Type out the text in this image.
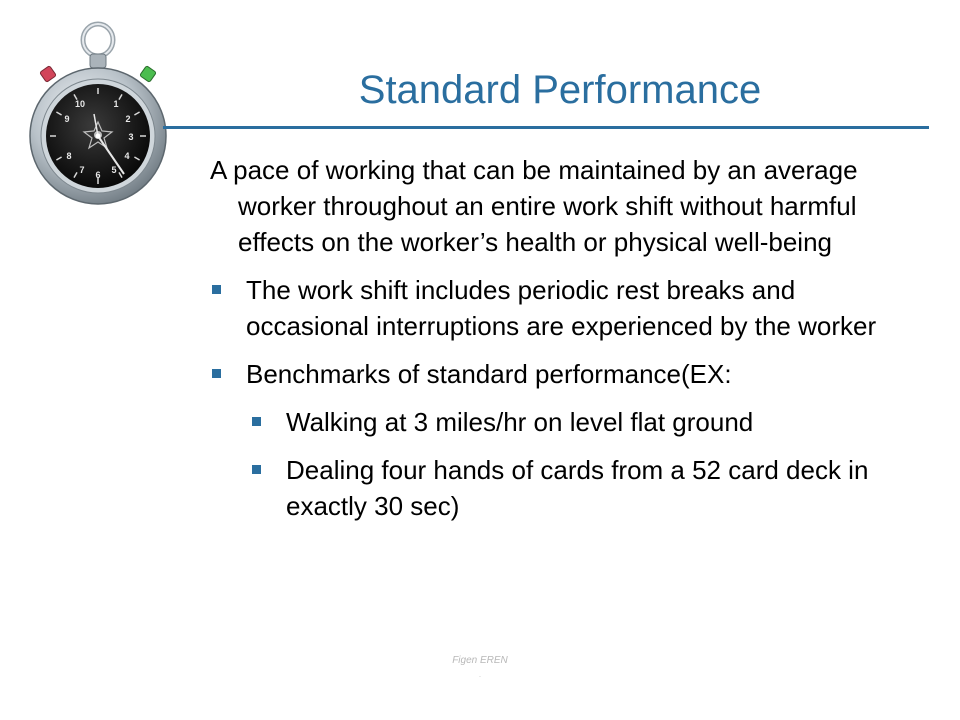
1
2
3
4
5
6
7
8
9
10	Standard Performance

A pace of working that can be maintained by an average worker throughout an entire work shift without harmful effects on the worker’s health or physical well-being

The work shift includes periodic rest breaks and occasional interruptions are experienced by the worker
Benchmarks of standard performance(EX:
Walking at 3 miles/hr on level flat ground
Dealing four hands of cards from a 52 card deck in exactly 30 sec)
Figen EREN
.
